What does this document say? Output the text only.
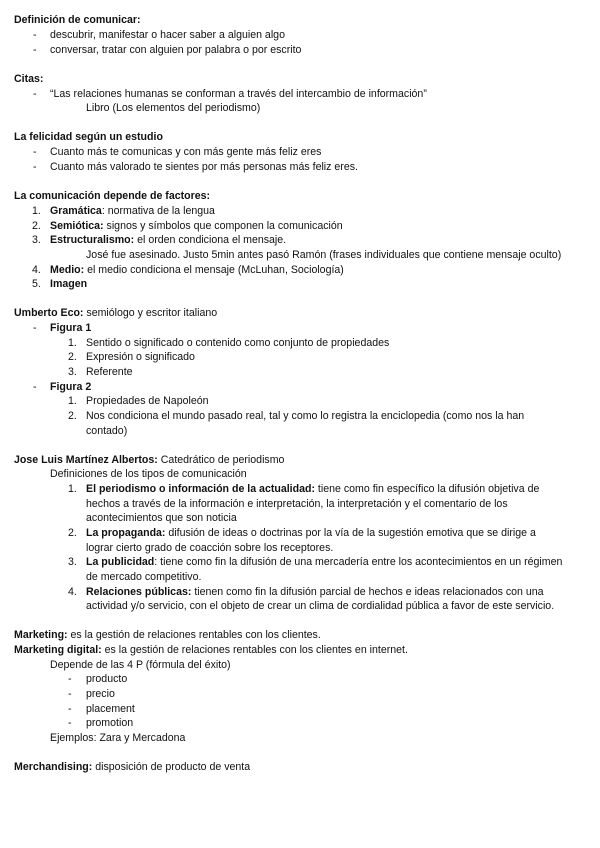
Definición de comunicar:
- descubrir, manifestar o hacer saber a alguien algo
- conversar, tratar con alguien por palabra o por escrito
Citas:
- “Las relaciones humanas se conforman a través del intercambio de información”
Libro (Los elementos del periodismo)
La felicidad según un estudio
- Cuanto más te comunicas y con más gente más feliz eres
- Cuanto más valorado te sientes por más personas más feliz eres.
La comunicación depende de factores:
1. Gramática: normativa de la lengua
2. Semiótica: signos y símbolos que componen la comunicación
3. Estructuralismo: el orden condiciona el mensaje.
José fue asesinado. Justo 5min antes pasó Ramón (frases individuales que contiene mensaje oculto)
4. Medio: el medio condiciona el mensaje (McLuhan, Sociología)
5. Imagen
Umberto Eco: semiólogo y escritor italiano
- Figura 1
1. Sentido o significado o contenido como conjunto de propiedades
2. Expresión o significado
3. Referente
- Figura 2
1. Propiedades de Napoleón
2. Nos condiciona el mundo pasado real, tal y como lo registra la enciclopedia (como nos la han
contado)
Jose Luis Martínez Albertos: Catedrático de periodismo
Definiciones de los tipos de comunicación
1. El periodismo o información de la actualidad: tiene como fin específico la difusión objetiva de
hechos a través de la información e interpretación, la interpretación y el comentario de los
acontecimientos que son noticia
2. La propaganda: difusión de ideas o doctrinas por la vía de la sugestión emotiva que se dirige a
lograr cierto grado de coacción sobre los receptores.
3. La publicidad: tiene como fin la difusión de una mercadería entre los acontecimientos en un régimen
de mercado competitivo.
4. Relaciones públicas: tienen como fin la difusión parcial de hechos e ideas relacionados con una
actividad y/o servicio, con el objeto de crear un clima de cordialidad pública a favor de este servicio.
Marketing: es la gestión de relaciones rentables con los clientes.
Marketing digital: es la gestión de relaciones rentables con los clientes en internet.
Depende de las 4 P (fórmula del éxito)
- producto
- precio
- placement
- promotion
Ejemplos: Zara y Mercadona
Merchandising: disposición de producto de venta
